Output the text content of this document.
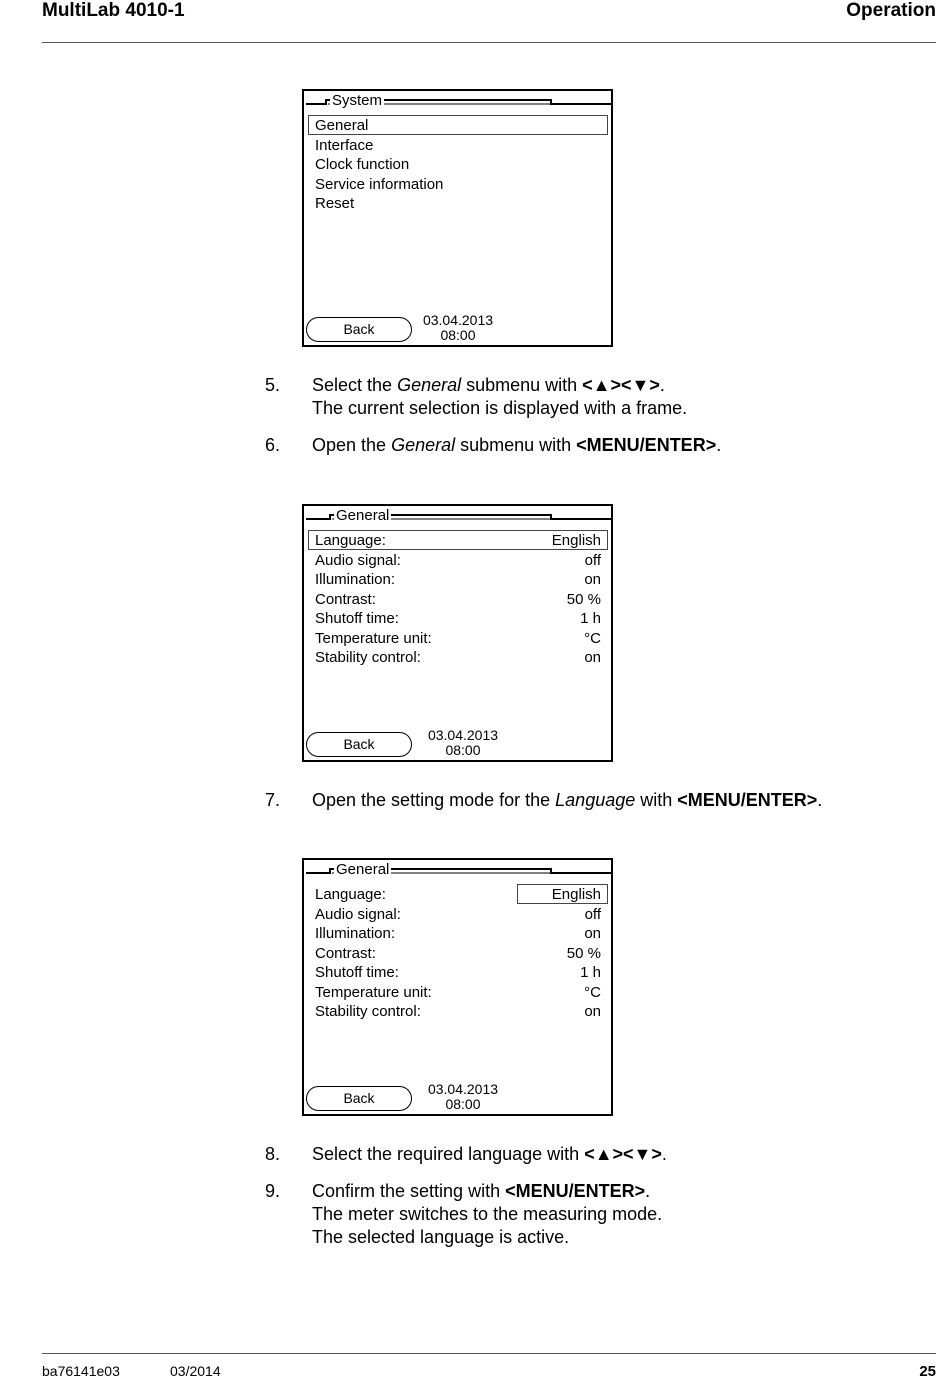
MultiLab 4010-1	Operation
System
General
Interface
Clock function
Service information
Reset
Back
03.04.2013
08:00
5.	Select the General submenu with <▲><▼>.
The current selection is displayed with a frame.
6.	Open the General submenu with <MENU/ENTER>.
General
Language:	English
Audio signal:	off
Illumination:	on
Contrast:	50 %
Shutoff time:	1 h
Temperature unit:	°C
Stability control:	on
Back
03.04.2013
08:00
7.	Open the setting mode for the Language with <MENU/ENTER>.
General
Language:	English
Audio signal:	off
Illumination:	on
Contrast:	50 %
Shutoff time:	1 h
Temperature unit:	°C
Stability control:	on
Back
03.04.2013
08:00
8.	Select the required language with <▲><▼>.
9.	Confirm the setting with <MENU/ENTER>.
The meter switches to the measuring mode.
The selected language is active.
ba76141e03	03/2014	25
